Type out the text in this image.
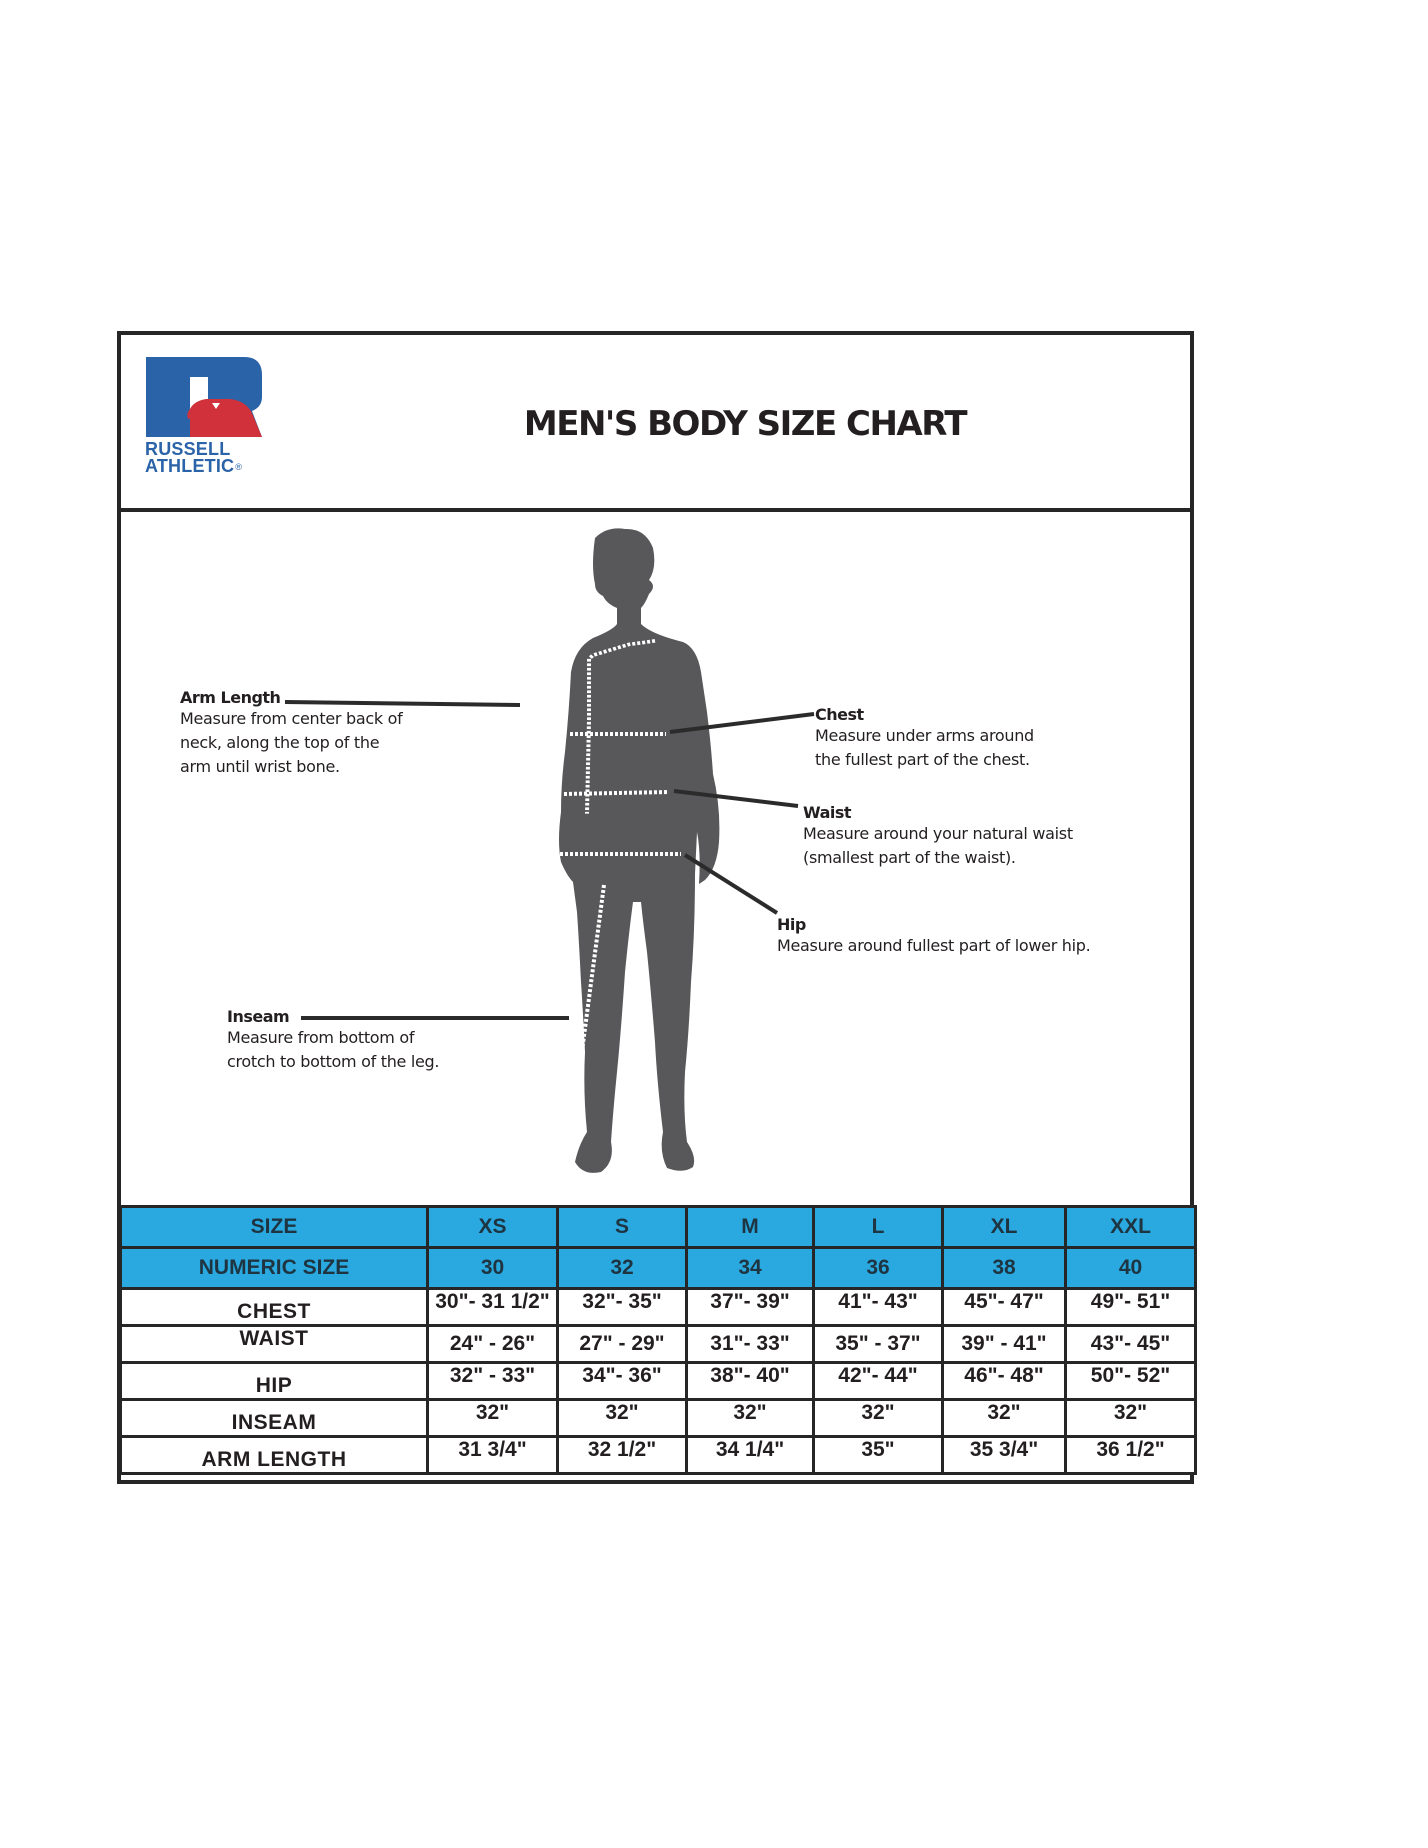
RUSSELL
ATHLETIC®
MEN'S BODY SIZE CHART
Arm Length
Measure from center back of
neck, along the top of the
arm until wrist bone.
Chest
Measure under arms around
the fullest part of the chest.
Waist
Measure around your natural waist
(smallest part of the waist).
Hip
Measure around fullest part of lower hip.
Inseam
Measure from bottom of
crotch to bottom of the leg.
SIZE	XS	S	M	L	XL	XXL
NUMERIC SIZE	30	32	34	36	38	40
CHEST	30"- 31 1/2"	32"- 35"	37"- 39"	41"- 43"	45"- 47"	49"- 51"
WAIST	24" - 26"	27" - 29"	31"- 33"	35" - 37"	39" - 41"	43"- 45"
HIP	32" - 33"	34"- 36"	38"- 40"	42"- 44"	46"- 48"	50"- 52"
INSEAM	32"	32"	32"	32"	32"	32"
ARM LENGTH	31 3/4"	32 1/2"	34 1/4"	35"	35 3/4"	36 1/2"
